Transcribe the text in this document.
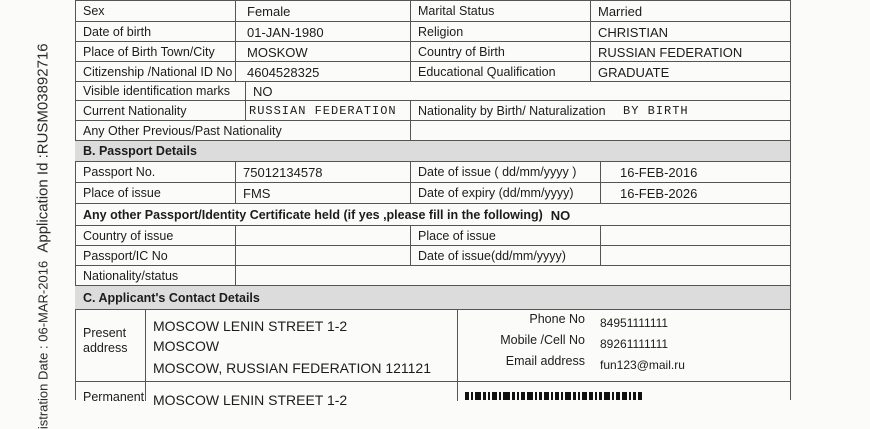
Application Id :RUSM03892716
istration Date : 06-MAR-2016
Sex	Female	Marital Status	Married
Date of birth	01-JAN-1980	Religion	CHRISTIAN
Place of Birth Town/City	MOSKOW	Country of Birth	RUSSIAN FEDERATION
Citizenship /National ID No	4604528325	Educational Qualification	GRADUATE
Visible identification marks	NO
Current Nationality	RUSSIAN FEDERATION	Nationality by Birth/ Naturalization	BY BIRTH
Any Other Previous/Past Nationality
B. Passport Details
Passport No.	75012134578	Date of issue ( dd/mm/yyyy )	16-FEB-2016
Place of issue	FMS	Date of expiry (dd/mm/yyyy)	16-FEB-2026
Any other Passport/Identity Certificate held (if yes ,please fill in the following) NO
Country of issue	Place of issue
Passport/IC No	Date of issue(dd/mm/yyyy)
Nationality/status
C. Applicant's Contact Details
Present
address
MOSCOW LENIN STREET 1-2
MOSCOW
MOSCOW, RUSSIAN FEDERATION 121121
Phone No 84951111111
Mobile /Cell No 89261111111
Email address fun123@mail.ru
Permanent MOSCOW LENIN STREET 1-2
